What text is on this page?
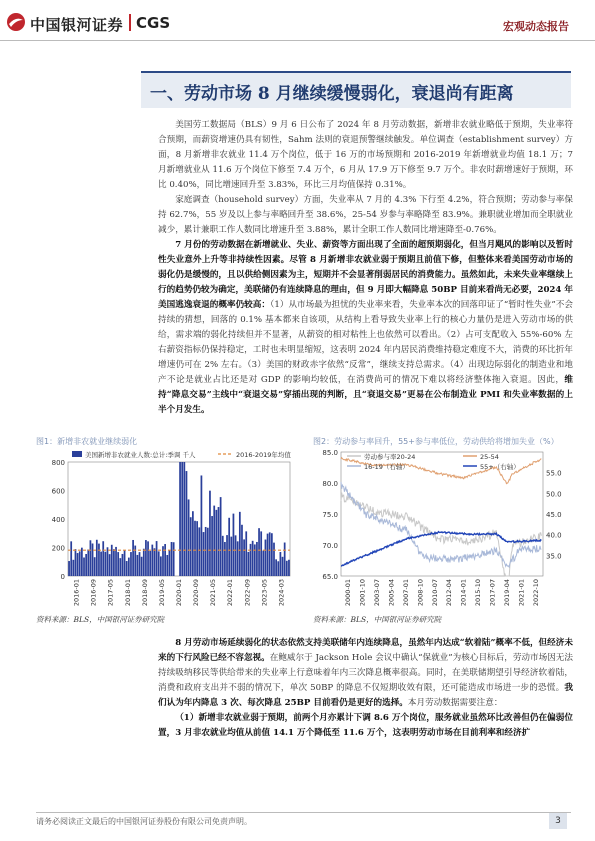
中国银河证券 CGS	宏观动态报告
一、劳动市场 8 月继续缓慢弱化，衰退尚有距离

美国劳工数据局（BLS）9 月 6 日公布了 2024 年 8 月劳动数据，新增非农就业略低于预期，失业率符合预期，而薪资增速仍具有韧性，Sahm 法则的衰退预警继续触发。单位调查（establishment survey）方面，8 月新增非农就业 11.4 万个岗位，低于 16 万的市场预期和 2016-2019 年新增就业均值 18.1 万；7 月新增就业从 11.6 万个岗位下修至 7.4 万个，6 月从 17.9 万下修至 9.7 万个。非农时薪增速好于预期，环比 0.40%，同比增速回升至 3.83%，环比三月均值保持 0.31%。

家庭调查（household survey）方面，失业率从 7 月的 4.3% 下行至 4.2%，符合预期；劳动参与率保持 62.7%，55 岁及以上参与率略回升至 38.6%，25-54 岁参与率略降至 83.9%。兼职就业增加而全职就业减少，累计兼职工作人数同比增速升至 3.88%，累计全职工作人数同比增速降至-0.76%。

7 月份的劳动数据在新增就业、失业、薪资等方面出现了全面的超预期弱化，但当月飓风的影响以及暂时性失业意外上升等非持续性因素。尽管 8 月新增非农就业弱于预期且前值下修，但整体来看美国劳动市场的弱化仍是缓慢的，且以供给侧因素为主，短期并不会显著削弱居民的消费能力。虽然如此，未来失业率继续上行的趋势仍较为确定，美联储仍有连续降息的理由，但 9 月即大幅降息 50BP 目前来看尚无必要，2024 年美国逃逸衰退的概率仍较高：（1）从市场最为担忧的失业率来看，失业率本次的回落印证了“暂时性失业”不会持续的猜想，回落的 0.1% 基本都来自该项，从结构上看导致失业率上行的核心力量仍是进入劳动市场的供给，需求端的弱化持续但并不显著，从薪资的相对粘性上也依然可以看出。（2）占可支配收入 55%-60% 左右薪资指标仍保持稳定，工时也未明显缩短，这表明 2024 年内居民消费维持稳定难度不大，消费的环比折年增速仍可在 2% 左右。（3）美国的财政赤字依然“反常”，继续支持总需求。（4）出现边际弱化的制造业和地产不论是就业占比还是对 GDP 的影响均较低，在消费尚可的情况下难以将经济整体拖入衰退。因此，维持“降息交易”主线中“衰退交易”穿插出现的判断，且“衰退交易”更易在公布制造业 PMI 和失业率数据的上半个月发生。

图1：新增非农就业继续弱化
0
200
400
600
800
美国新增非农就业人数:总计:季调 千人	2016-2019年均值
2016-01 2016-09 2017-05 2018-01 2018-09 2019-05 2020-01 2020-09 2021-05 2022-01 2022-09 2023-05 2024-03
资料来源：BLS，中国银河证券研究院
图2：劳动参与率回升，55+参与率低位，劳动供给将增加失业（%）
65.0
70.0
75.0
80.0
85.0
35.0
40.0
45.0
50.0
55.0
劳动参与率20-24	25-54
16-19（右轴）	55+（右轴）
2000-01 2001-10 2003-07 2005-04 2007-01 2008-10 2010-07 2012-04 2014-01 2015-10 2017-07 2019-04 2021-01 2022-10
资料来源：BLS，中国银河证券研究院

8 月劳动市场延续弱化的状态依然支持美联储年内连续降息，虽然年内达成“软着陆”概率不低，但经济未来的下行风险已经不容忽视。在鲍威尔于 Jackson Hole 会议中确认“保就业”为核心目标后，劳动市场因无法持续吸纳移民等供给带来的失业率上行意味着年内三次降息概率很高。同时，在美联储期望引导经济软着陆，消费和政府支出并不弱的情况下，单次 50BP 的降息不仅短期收效有限，还可能造成市场进一步的恐慌。我们认为年内降息 3 次、每次降息 25BP 目前看仍是更好的选择。本月劳动数据需要注意：

（1）新增非农就业弱于预期，前两个月亦累计下调 8.6 万个岗位，服务就业虽然环比改善但仍在偏弱位置，3 月非农就业均值从前值 14.1 万个降低至 11.6 万个，这表明劳动市场在目前利率和经济扩

请务必阅读正文最后的中国银河证券股份有限公司免责声明。	3
